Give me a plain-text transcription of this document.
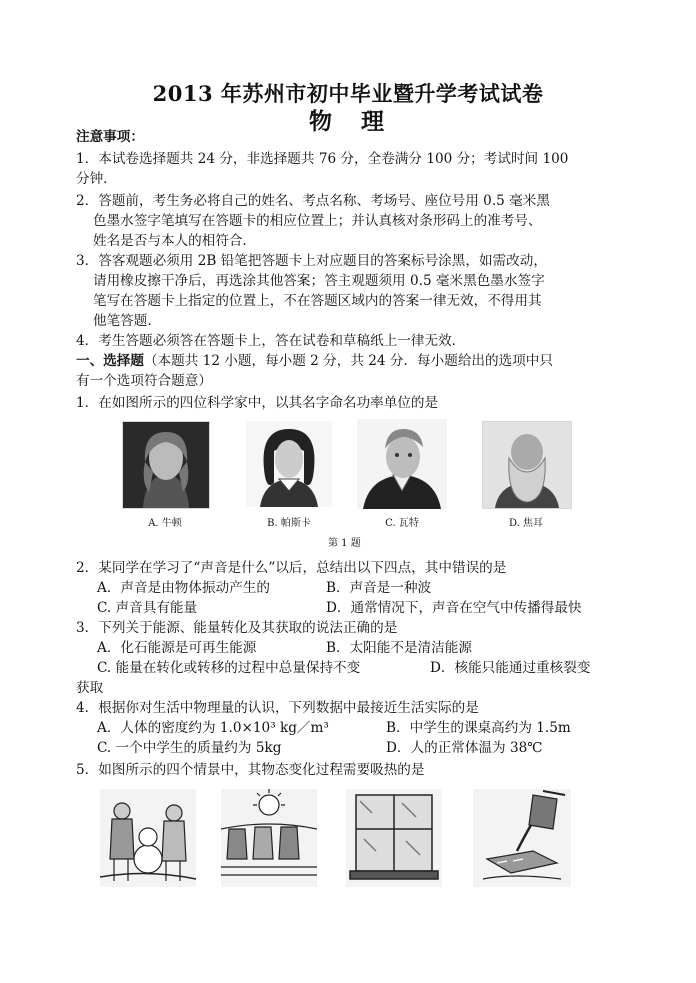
2013 年苏州市初中毕业暨升学考试试卷
物　理
注意事项：
1．本试卷选择题共 24 分，非选择题共 76 分，全卷满分 100 分；考试时间 100
分钟．
2．答题前，考生务必将自己的姓名、考点名称、考场号、座位号用 0.5 毫米黑
色墨水签字笔填写在答题卡的相应位置上；并认真核对条形码上的准考号、
姓名是否与本人的相符合．
3．答客观题必须用 2B 铅笔把答题卡上对应题目的答案标号涂黑，如需改动，
请用橡皮擦干净后，再选涂其他答案；答主观题须用 0.5 毫米黑色墨水签字
笔写在答题卡上指定的位置上，不在答题区域内的答案一律无效，不得用其
他笔答题．
4．考生答题必须答在答题卡上，答在试卷和草稿纸上一律无效．
一、选择题（本题共 12 小题，每小题 2 分，共 24 分．每小题给出的选项中只
有一个选项符合题意）
1．在如图所示的四位科学家中，以其名字命名功率单位的是
A. 牛顿	B. 帕斯卡	C. 瓦特	D. 焦耳
第 1 题
2．某同学在学习了“声音是什么”以后，总结出以下四点，其中错误的是
A．声音是由物体振动产生的	B．声音是一种波
C. 声音具有能量	D．通常情况下，声音在空气中传播得最快
3．下列关于能源、能量转化及其获取的说法正确的是
A．化石能源是可再生能源	B．太阳能不是清洁能源
C. 能量在转化或转移的过程中总量保持不变	D．核能只能通过重核裂变
获取
4．根据你对生活中物理量的认识，下列数据中最接近生活实际的是
A．人体的密度约为 1.0×10³ kg／m³	B．中学生的课桌高约为 1.5m
C. 一个中学生的质量约为 5kg	D．人的正常体温为 38℃
5．如图所示的四个情景中，其物态变化过程需要吸热的是
